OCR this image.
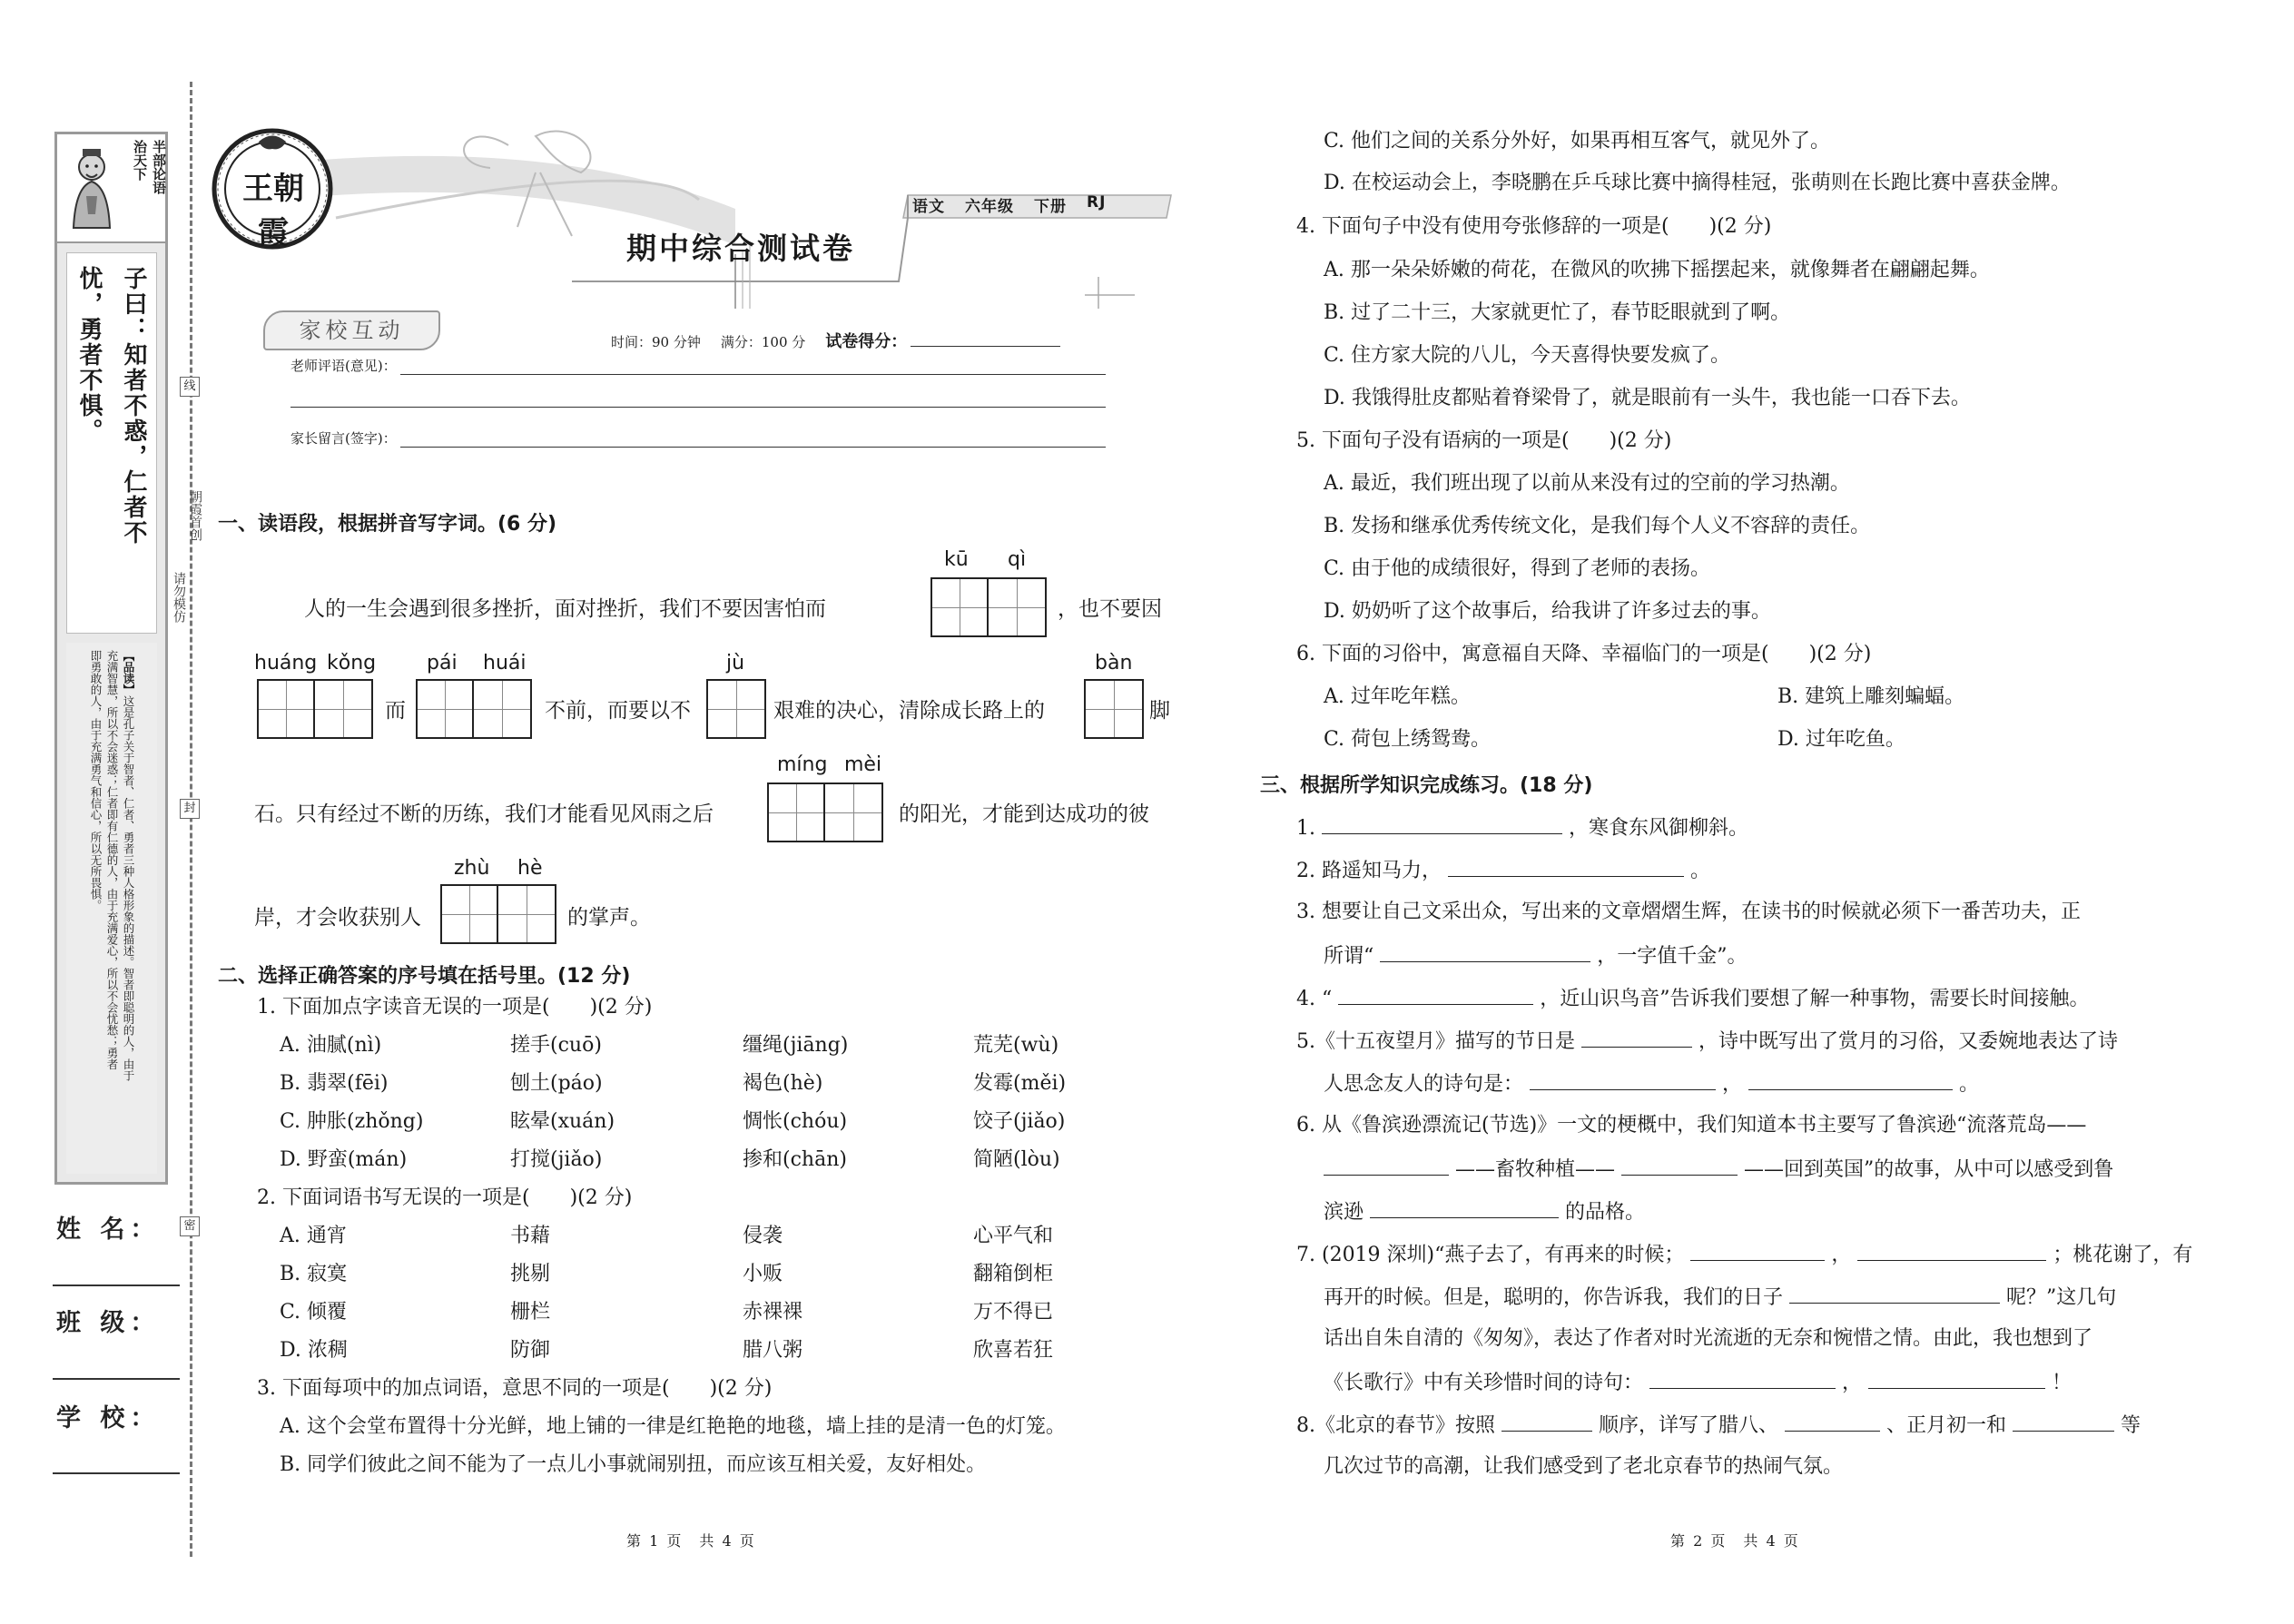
半部论语
治天下
子曰：知者不惑，仁者不
忧，勇者不惧。
【品读】这是孔子关于智者、仁者、勇者三种人格形象的描述。智者即聪明的人，由于
充满智慧，所以不会迷惑；仁者即有仁德的人，由于充满爱心，所以不会忧愁；勇者
即勇敢的人，由于充满勇气和信心，所以无所畏惧。
姓 名：
班 级：
学 校：
线
封
密
朝霞首创
请勿模仿
王朝霞
语文 六年级 下册 RJ
期中综合测试卷
家校互动	时间：90 分钟 满分：100 分 试卷得分：
老师评语(意见)：
家长留言(签字)：
一、读语段，根据拼音写字词。(6 分)
kū qì
人的一生会遇到很多挫折，面对挫折，我们不要因害怕而	，也不要因
huáng kǒng	pái huái	jù	bàn
而	不前，而要以不	艰难的决心，清除成长路上的	脚
míng mèi
石。只有经过不断的历练，我们才能看见风雨之后	的阳光，才能到达成功的彼
zhù hè
岸，才会收获别人	的掌声。
二、选择正确答案的序号填在括号里。(12 分)
1. 下面加点字读音无误的一项是(　　)(2 分)
A. 油腻(nì)	搓手(cuō)	缰绳(jiāng)	荒芜(wù)
B. 翡翠(fēi)	刨土(páo)	褐色(hè)	发霉(měi)
C. 肿胀(zhǒng)	眩晕(xuán)	惆怅(chóu)	饺子(jiǎo)
D. 野蛮(mán)	打搅(jiǎo)	掺和(chān)	简陋(lòu)
2. 下面词语书写无误的一项是(　　)(2 分)
A. 通宵	书藉	侵袭	心平气和
B. 寂寞	挑剔	小贩	翻箱倒柜
C. 倾覆	栅栏	赤裸裸	万不得已
D. 浓稠	防御	腊八粥	欣喜若狂
3. 下面每项中的加点词语，意思不同的一项是(　　)(2 分)
A. 这个会堂布置得十分光鲜，地上铺的一律是红艳艳的地毯，墙上挂的是清一色的灯笼。
B. 同学们彼此之间不能为了一点儿小事就闹别扭，而应该互相关爱，友好相处。
第 1 页　共 4 页
C. 他们之间的关系分外好，如果再相互客气，就见外了。
D. 在校运动会上，李晓鹏在乒乓球比赛中摘得桂冠，张萌则在长跑比赛中喜获金牌。
4. 下面句子中没有使用夸张修辞的一项是(　　)(2 分)
A. 那一朵朵娇嫩的荷花，在微风的吹拂下摇摆起来，就像舞者在翩翩起舞。
B. 过了二十三，大家就更忙了，春节眨眼就到了啊。
C. 住方家大院的八儿，今天喜得快要发疯了。
D. 我饿得肚皮都贴着脊梁骨了，就是眼前有一头牛，我也能一口吞下去。
5. 下面句子没有语病的一项是(　　)(2 分)
A. 最近，我们班出现了以前从来没有过的空前的学习热潮。
B. 发扬和继承优秀传统文化，是我们每个人义不容辞的责任。
C. 由于他的成绩很好，得到了老师的表扬。
D. 奶奶听了这个故事后，给我讲了许多过去的事。
6. 下面的习俗中，寓意福自天降、幸福临门的一项是(　　)(2 分)
A. 过年吃年糕。	B. 建筑上雕刻蝙蝠。
C. 荷包上绣鸳鸯。	D. 过年吃鱼。
三、根据所学知识完成练习。(18 分)
1.	，寒食东风御柳斜。
2. 路遥知马力，	。
3. 想要让自己文采出众，写出来的文章熠熠生辉，在读书的时候就必须下一番苦功夫，正
所谓“	，一字值千金”。
4. “	，近山识鸟音”告诉我们要想了解一种事物，需要长时间接触。
5.《十五夜望月》描写的节日是	，诗中既写出了赏月的习俗，又委婉地表达了诗
人思念友人的诗句是：	，	。
6. 从《鲁滨逊漂流记(节选)》一文的梗概中，我们知道本书主要写了鲁滨逊“流落荒岛——
——畜牧种植——	——回到英国”的故事，从中可以感受到鲁
滨逊	的品格。
7. (2019 深圳)“燕子去了，有再来的时候；	，	；桃花谢了，有
再开的时候。但是，聪明的，你告诉我，我们的日子	呢？”这几句
话出自朱自清的《匆匆》，表达了作者对时光流逝的无奈和惋惜之情。由此，我也想到了
《长歌行》中有关珍惜时间的诗句：	，	！
8.《北京的春节》按照	顺序，详写了腊八、	、正月初一和	等
几次过节的高潮，让我们感受到了老北京春节的热闹气氛。
第 2 页　共 4 页
